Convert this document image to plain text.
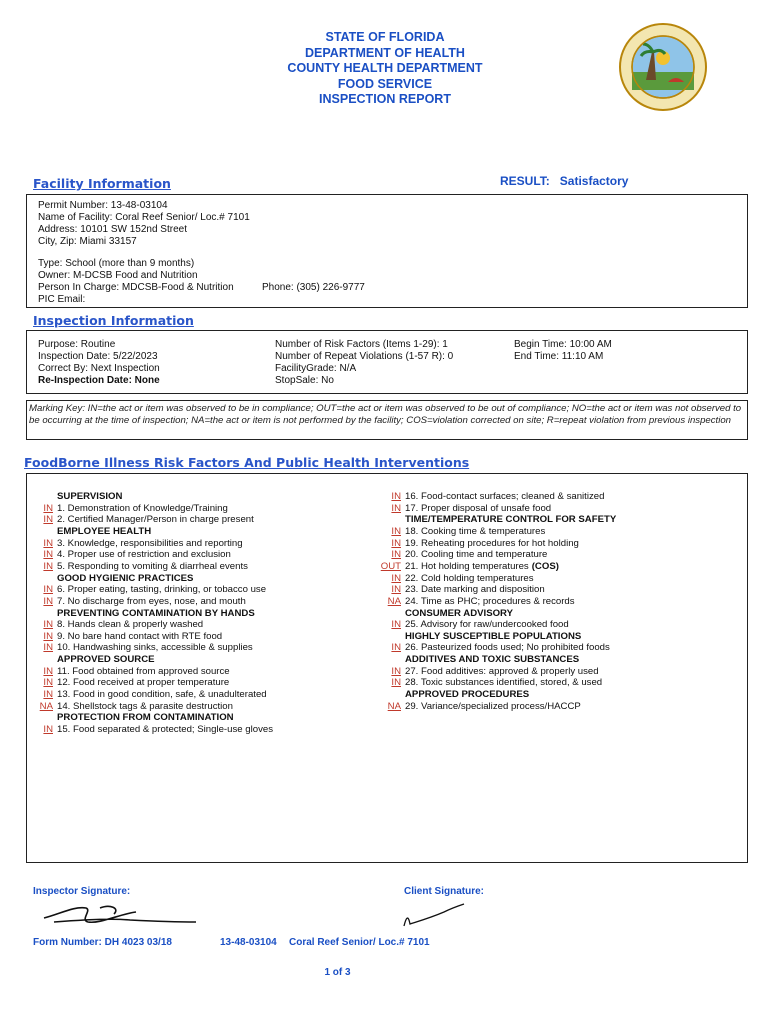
STATE OF FLORIDA
DEPARTMENT OF HEALTH
COUNTY HEALTH DEPARTMENT
FOOD SERVICE
INSPECTION REPORT
Facility Information	RESULT: Satisfactory
Permit Number: 13-48-03104
Name of Facility: Coral Reef Senior/ Loc.# 7101
Address: 10101 SW 152nd Street
City, Zip: Miami 33157
Type: School (more than 9 months)
Owner: M-DCSB Food and Nutrition
Person In Charge: MDCSB-Food & Nutrition	Phone: (305) 226-9777
PIC Email:
Inspection Information
Purpose: Routine
Inspection Date: 5/22/2023
Correct By: Next Inspection
Re-Inspection Date: None
Number of Risk Factors (Items 1-29): 1
Number of Repeat Violations (1-57 R): 0
FacilityGrade: N/A
StopSale: No
Begin Time: 10:00 AM
End Time: 11:10 AM
Marking Key: IN=the act or item was observed to be in compliance; OUT=the act or item was observed to be out of compliance; NO=the act or item was not observed to be occurring at the time of inspection; NA=the act or item is not performed by the facility; COS=violation corrected on site; R=repeat violation from previous inspection
FoodBorne Illness Risk Factors And Public Health Interventions
SUPERVISION
IN 1. Demonstration of Knowledge/Training
IN 2. Certified Manager/Person in charge present
EMPLOYEE HEALTH
IN 3. Knowledge, responsibilities and reporting
IN 4. Proper use of restriction and exclusion
IN 5. Responding to vomiting & diarrheal events
GOOD HYGIENIC PRACTICES
IN 6. Proper eating, tasting, drinking, or tobacco use
IN 7. No discharge from eyes, nose, and mouth
PREVENTING CONTAMINATION BY HANDS
IN 8. Hands clean & properly washed
IN 9. No bare hand contact with RTE food
IN 10. Handwashing sinks, accessible & supplies
APPROVED SOURCE
IN 11. Food obtained from approved source
IN 12. Food received at proper temperature
IN 13. Food in good condition, safe, & unadulterated
NA 14. Shellstock tags & parasite destruction
PROTECTION FROM CONTAMINATION
IN 15. Food separated & protected; Single-use gloves
IN 16. Food-contact surfaces; cleaned & sanitized
IN 17. Proper disposal of unsafe food
TIME/TEMPERATURE CONTROL FOR SAFETY
IN 18. Cooking time & temperatures
IN 19. Reheating procedures for hot holding
IN 20. Cooling time and temperature
OUT 21. Hot holding temperatures (COS)
IN 22. Cold holding temperatures
IN 23. Date marking and disposition
NA 24. Time as PHC; procedures & records
CONSUMER ADVISORY
IN 25. Advisory for raw/undercooked food
HIGHLY SUSCEPTIBLE POPULATIONS
IN 26. Pasteurized foods used; No prohibited foods
ADDITIVES AND TOXIC SUBSTANCES
IN 27. Food additives: approved & properly used
IN 28. Toxic substances identified, stored, & used
APPROVED PROCEDURES
NA 29. Variance/specialized process/HACCP
Inspector Signature:	Client Signature:
Form Number: DH 4023 03/18	13-48-03104 Coral Reef Senior/ Loc.# 7101
1 of 3
